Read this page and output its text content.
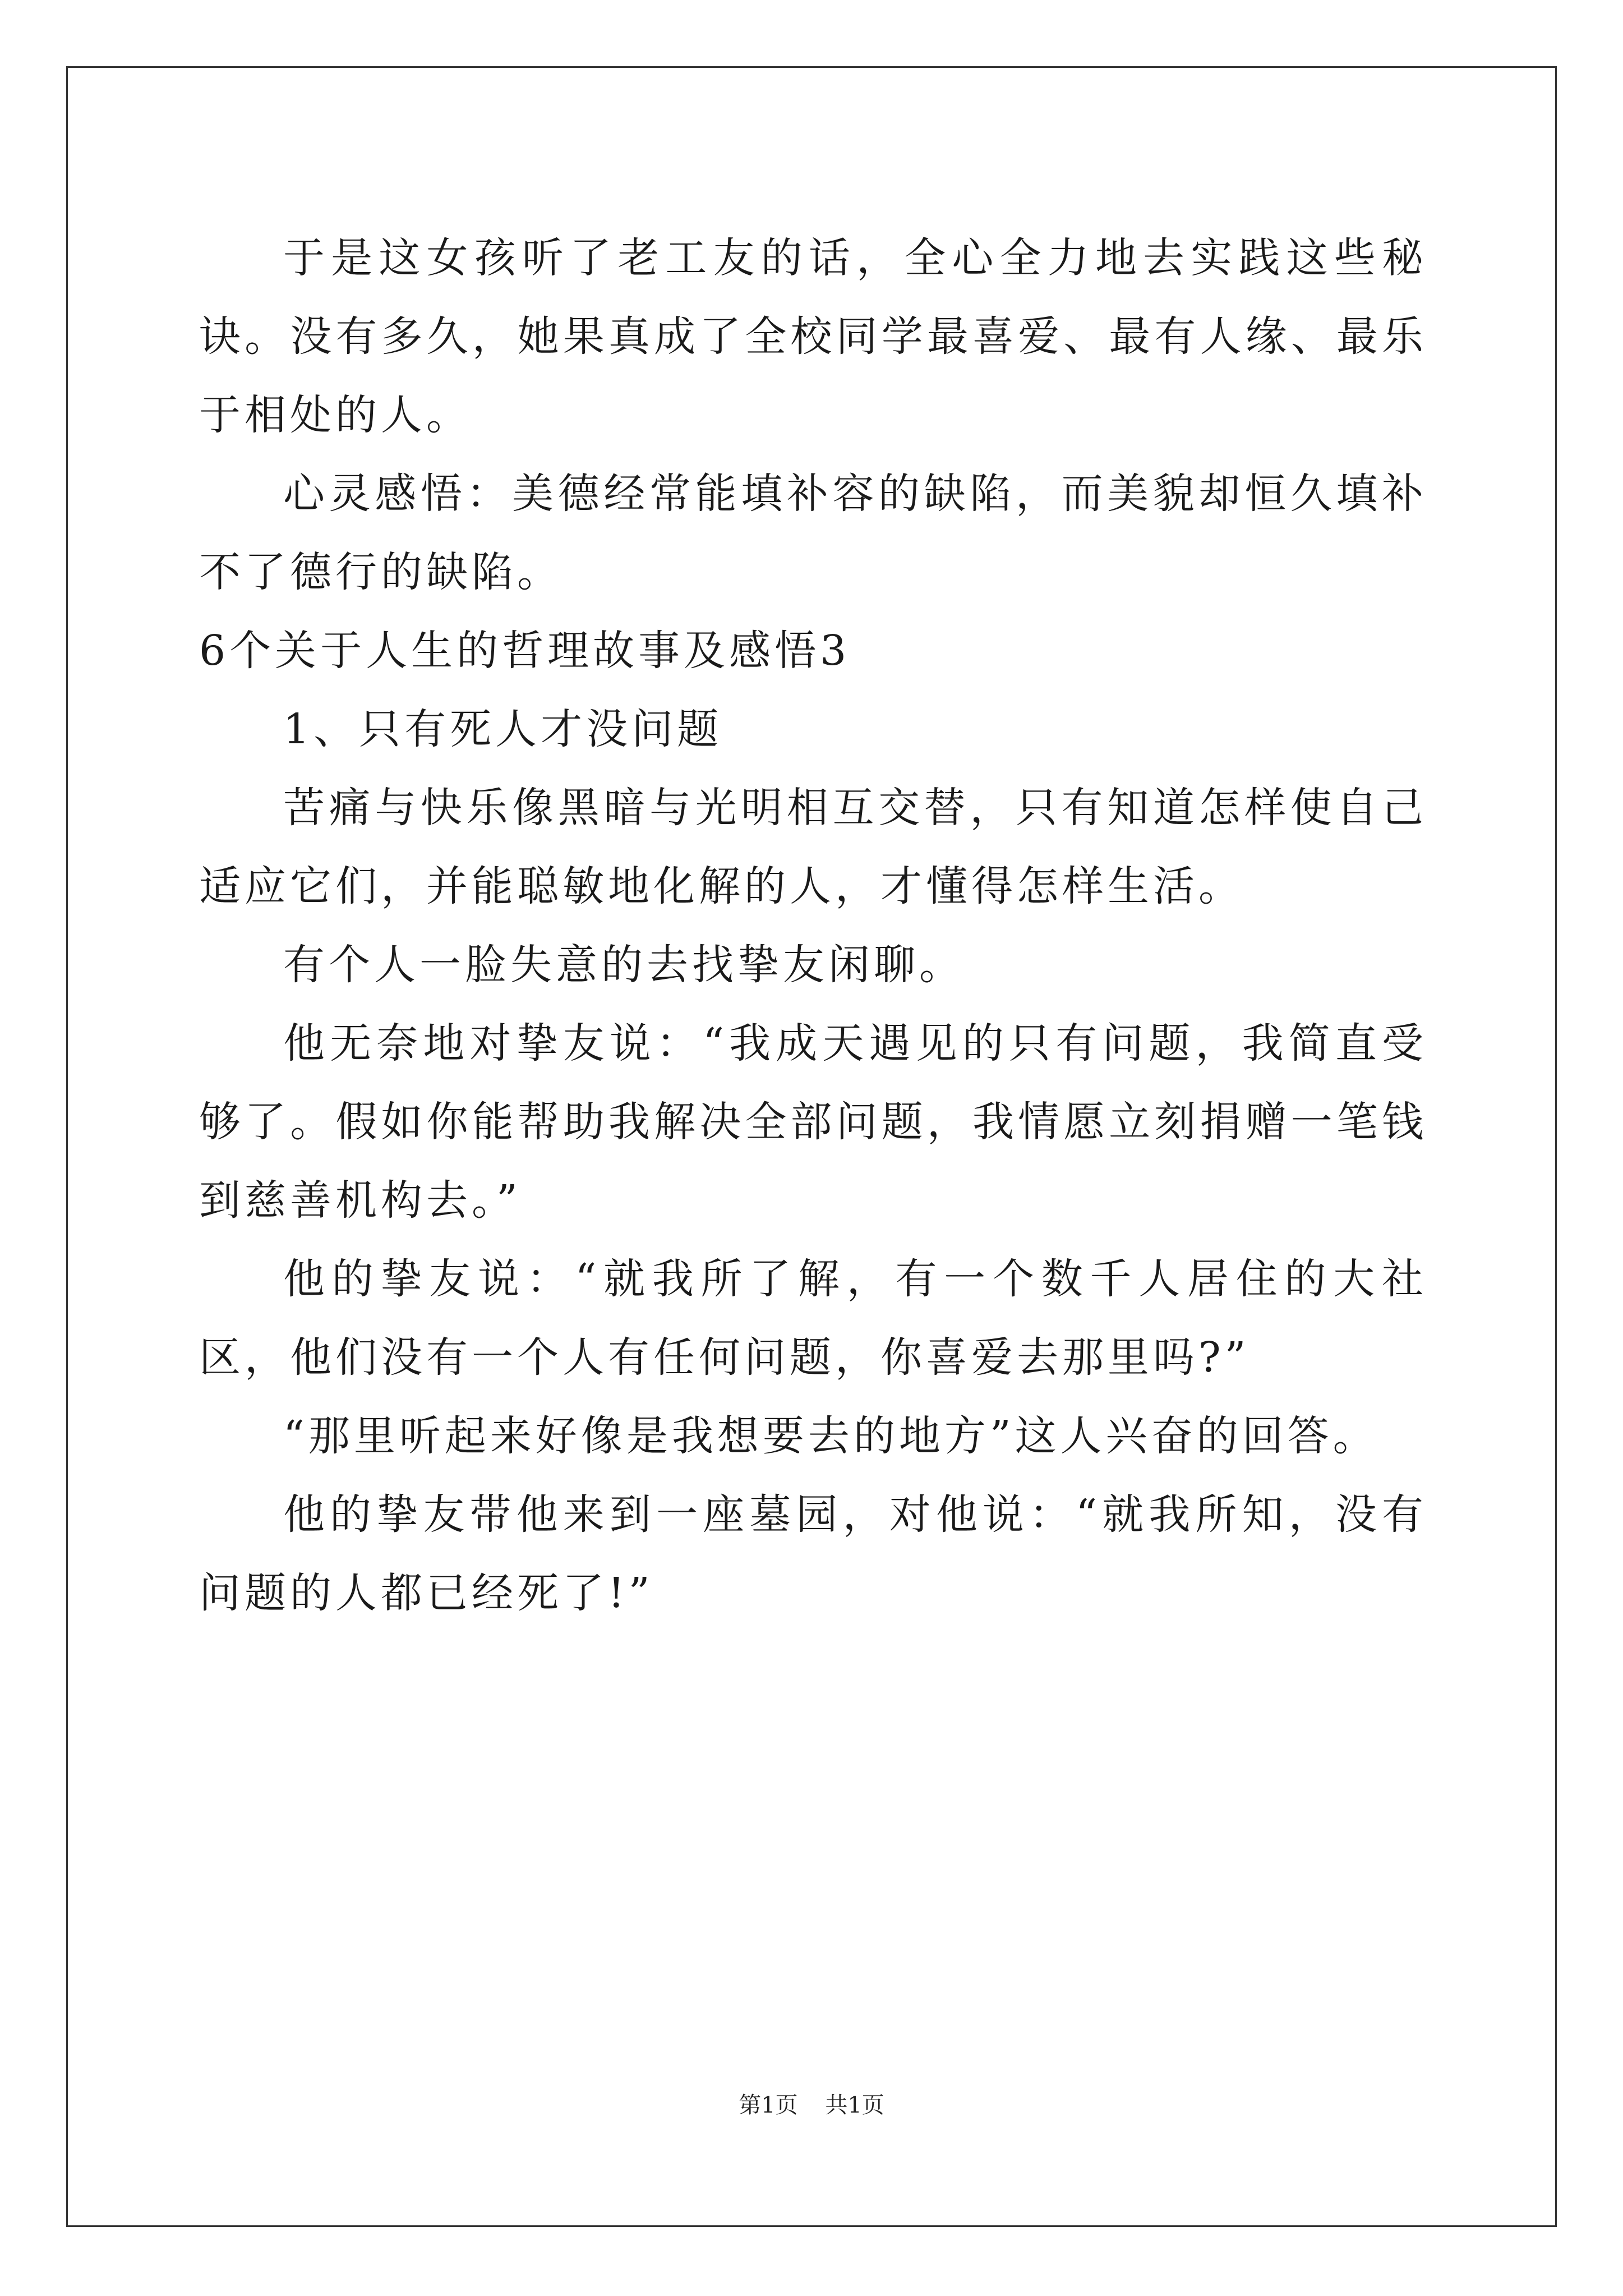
于是这女孩听了老工友的话，全心全力地去实践这些秘诀。没有多久，她果真成了全校同学最喜爱、最有人缘、最乐于相处的人。

心灵感悟：美德经常能填补容的缺陷，而美貌却恒久填补不了德行的缺陷。

6个关于人生的哲理故事及感悟3

1、只有死人才没问题

苦痛与快乐像黑暗与光明相互交替，只有知道怎样使自己适应它们，并能聪敏地化解的人，才懂得怎样生活。

有个人一脸失意的去找挚友闲聊。

他无奈地对挚友说：“我成天遇见的只有问题，我简直受够了。假如你能帮助我解决全部问题，我情愿立刻捐赠一笔钱到慈善机构去。”

他的挚友说：“就我所了解，有一个数千人居住的大社区，他们没有一个人有任何问题，你喜爱去那里吗?”

“那里听起来好像是我想要去的地方”这人兴奋的回答。

他的挚友带他来到一座墓园，对他说：“就我所知，没有问题的人都已经死了!”

第1页 共1页
